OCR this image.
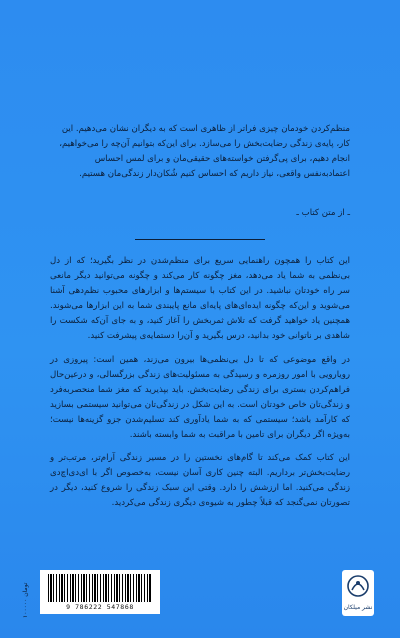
منظم‌کردن خودمان چیزی فراتر از ظاهری است که به دیگران نشان می‌دهیم. این کار، پایه‌ی زندگی رضایت‌بخش را می‌سازد. برای این‌که بتوانیم آن‌چه را می‌خواهیم، انجام دهیم، برای پی‌گرفتن خواسته‌های حقیقی‌مان و برای لمس احساس اعتمادبه‌نفس واقعی، نیاز داریم که احساس کنیم شُکان‌دار زندگی‌مان هستیم.
ـ از متن کتاب ـ

این کتاب را همچون راهنمایی سریع برای منظم‌شدن در نظر بگیرید؛ که از دل بی‌نظمی به شما یاد می‌دهد، مغز چگونه کار می‌کند و چگونه می‌توانید دیگر مانعی سر راه خودتان نباشید. در این کتاب با سیستم‌ها و ابزارهای محبوب نظم‌دهی آشنا می‌شوید و این‌که چگونه ایده‌ای‌های پایه‌ای مانع پایبندی شما به این ابزارها می‌شوند. همچنین یاد خواهید گرفت که تلاش ثمربخش را آغاز کنید، و به جای آن‌که شکست را شاهدی بر ناتوانی خود بدانید، درس بگیرید و آن‌را دستمایه‌ی پیشرفت کنید.

در واقع موضوعی که تا دل بی‌نظمی‌ها بیرون می‌زند، همین است: پیروزی در رویارویی با امور روزمره و رسیدگی به مسئولیت‌های زندگی بزرگسالی، و درعین‌حال فراهم‌کردن بستری برای زندگی رضایت‌بخش. باید بپذیرید که مغز شما منحصربه‌فرد و زندگی‌تان خاص خودتان است. به این شکل در زندگی‌تان می‌توانید سیستمی بسازید که کارآمد باشد؛ سیستمی که به شما یادآوری کند تسلیم‌شدن جزو گزینه‌ها نیست؛ به‌ویژه اگر دیگران برای تامین با مراقبت به شما وابسته باشند.

این کتاب کمک می‌کند تا گام‌های نخستین را در مسیر زندگی آرام‌تر، مرتب‌تر و رضایت‌بخش‌تر برداریم. البته چنین کاری آسان نیست، به‌خصوص اگر با ای‌دی‌اچ‌دی زندگی می‌کنید. اما ارزشش را دارد. وقتی این سبک زندگی را شروع کنید، دیگر در تصورتان نمی‌گنجد که قبلاً چطور به شیوه‌ی دیگری زندگی می‌کردید.

۱۰۰۰۰۰ تومان
9 786222 547868	نشر میلکان
